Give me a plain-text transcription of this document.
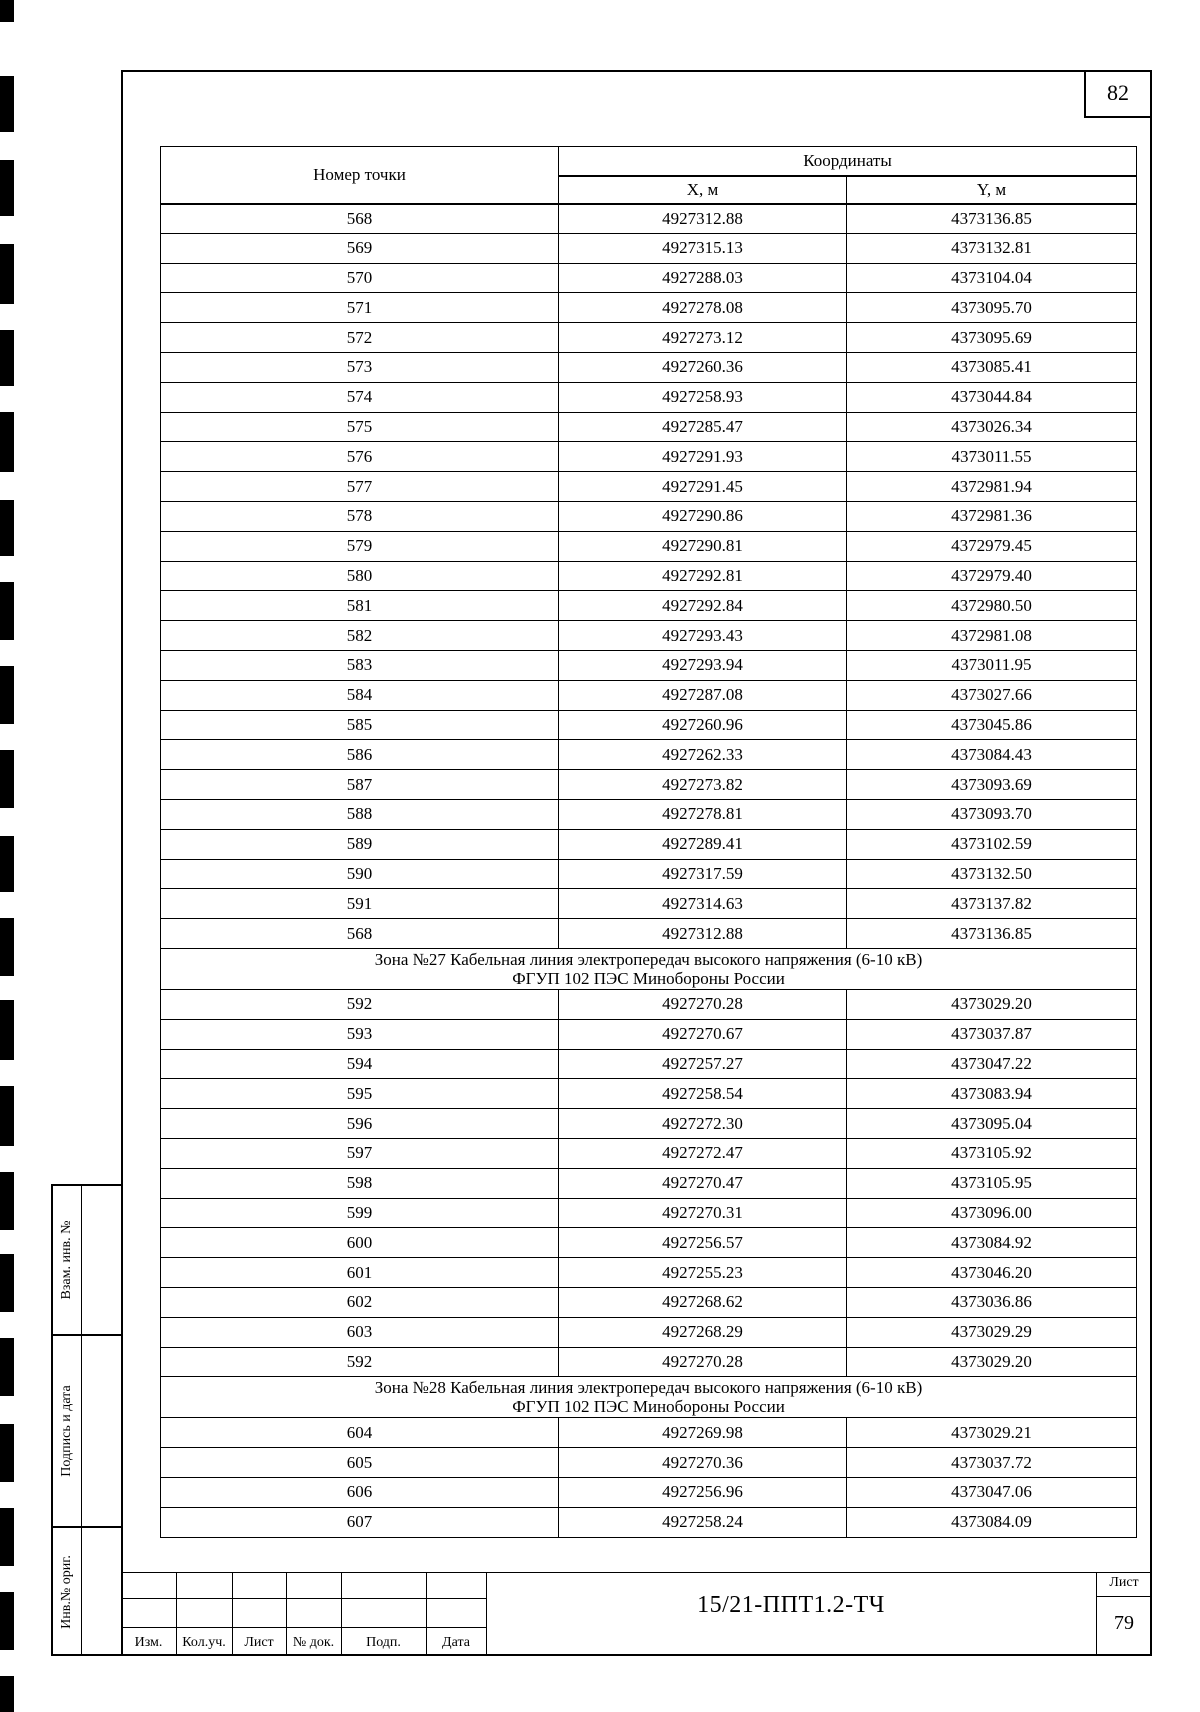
82
Номер точки	Координаты	
	X, м	Y, м
568	4927312.88	4373136.85
569	4927315.13	4373132.81
570	4927288.03	4373104.04
571	4927278.08	4373095.70
572	4927273.12	4373095.69
573	4927260.36	4373085.41
574	4927258.93	4373044.84
575	4927285.47	4373026.34
576	4927291.93	4373011.55
577	4927291.45	4372981.94
578	4927290.86	4372981.36
579	4927290.81	4372979.45
580	4927292.81	4372979.40
581	4927292.84	4372980.50
582	4927293.43	4372981.08
583	4927293.94	4373011.95
584	4927287.08	4373027.66
585	4927260.96	4373045.86
586	4927262.33	4373084.43
587	4927273.82	4373093.69
588	4927278.81	4373093.70
589	4927289.41	4373102.59
590	4927317.59	4373132.50
591	4927314.63	4373137.82
568	4927312.88	4373136.85

Зона №27 Кабельная линия электропередач высокого напряжения (6-10 кВ)
ФГУП 102 ПЭС Минобороны России		

592	4927270.28	4373029.20
593	4927270.67	4373037.87
594	4927257.27	4373047.22
595	4927258.54	4373083.94
596	4927272.30	4373095.04
597	4927272.47	4373105.92
598	4927270.47	4373105.95
599	4927270.31	4373096.00
600	4927256.57	4373084.92
601	4927255.23	4373046.20
602	4927268.62	4373036.86
603	4927268.29	4373029.29
592	4927270.28	4373029.20

Зона №28 Кабельная линия электропередач высокого напряжения (6-10 кВ)
ФГУП 102 ПЭС Минобороны России		

604	4927269.98	4373029.21
605	4927270.36	4373037.72
606	4927256.96	4373047.06
607	4927258.24	4373084.09
Взам. инв. №
Подпись и дата
Инв.№ ориг.
Изм.	Кол.уч.	Лист	№ док.	Подп.	Дата
15/21-ППТ1.2-ТЧ
Лист
79
